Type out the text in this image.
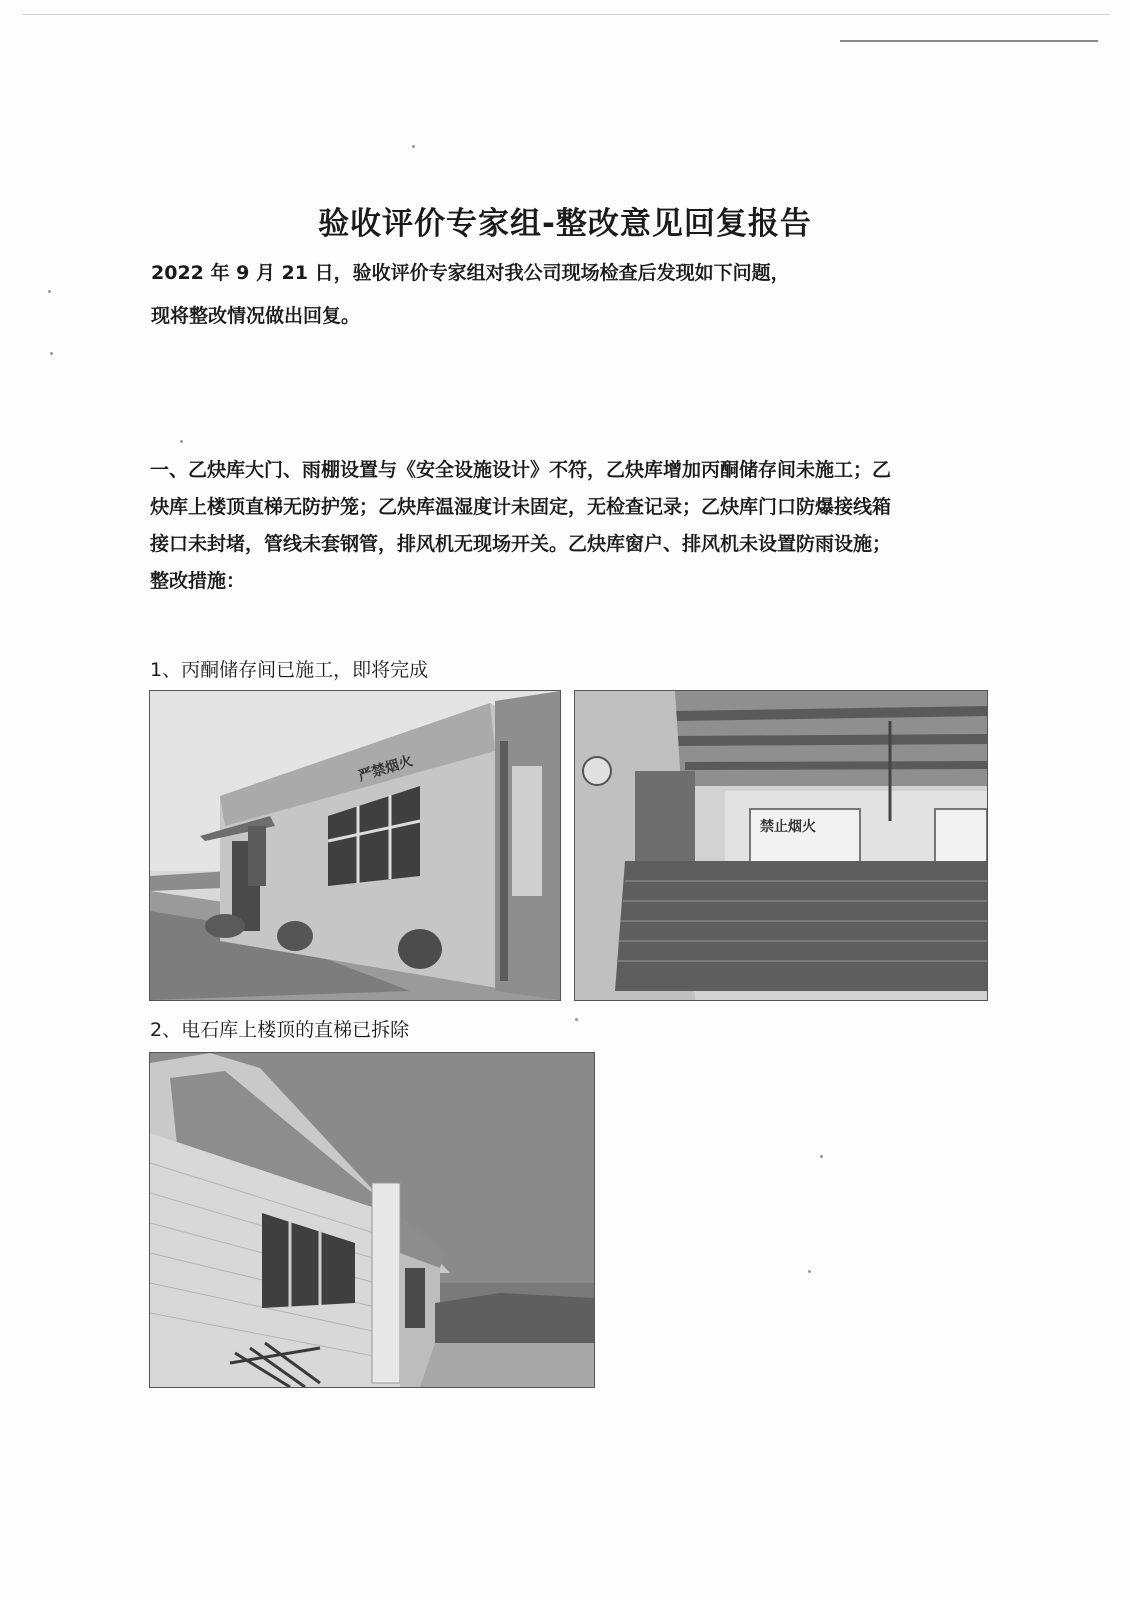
验收评价专家组-整改意见回复报告

2022 年 9 月 21 日，验收评价专家组对我公司现场检查后发现如下问题，
现将整改情况做出回复。

一、乙炔库大门、雨棚设置与《安全设施设计》不符，乙炔库增加丙酮储存间未施工；乙
炔库上楼顶直梯无防护笼；乙炔库温湿度计未固定，无检查记录；乙炔库门口防爆接线箱
接口未封堵，管线未套钢管，排风机无现场开关。乙炔库窗户、排风机未设置防雨设施；
整改措施：

1、丙酮储存间已施工，即将完成
严禁烟火
禁止烟火
2、电石库上楼顶的直梯已拆除
